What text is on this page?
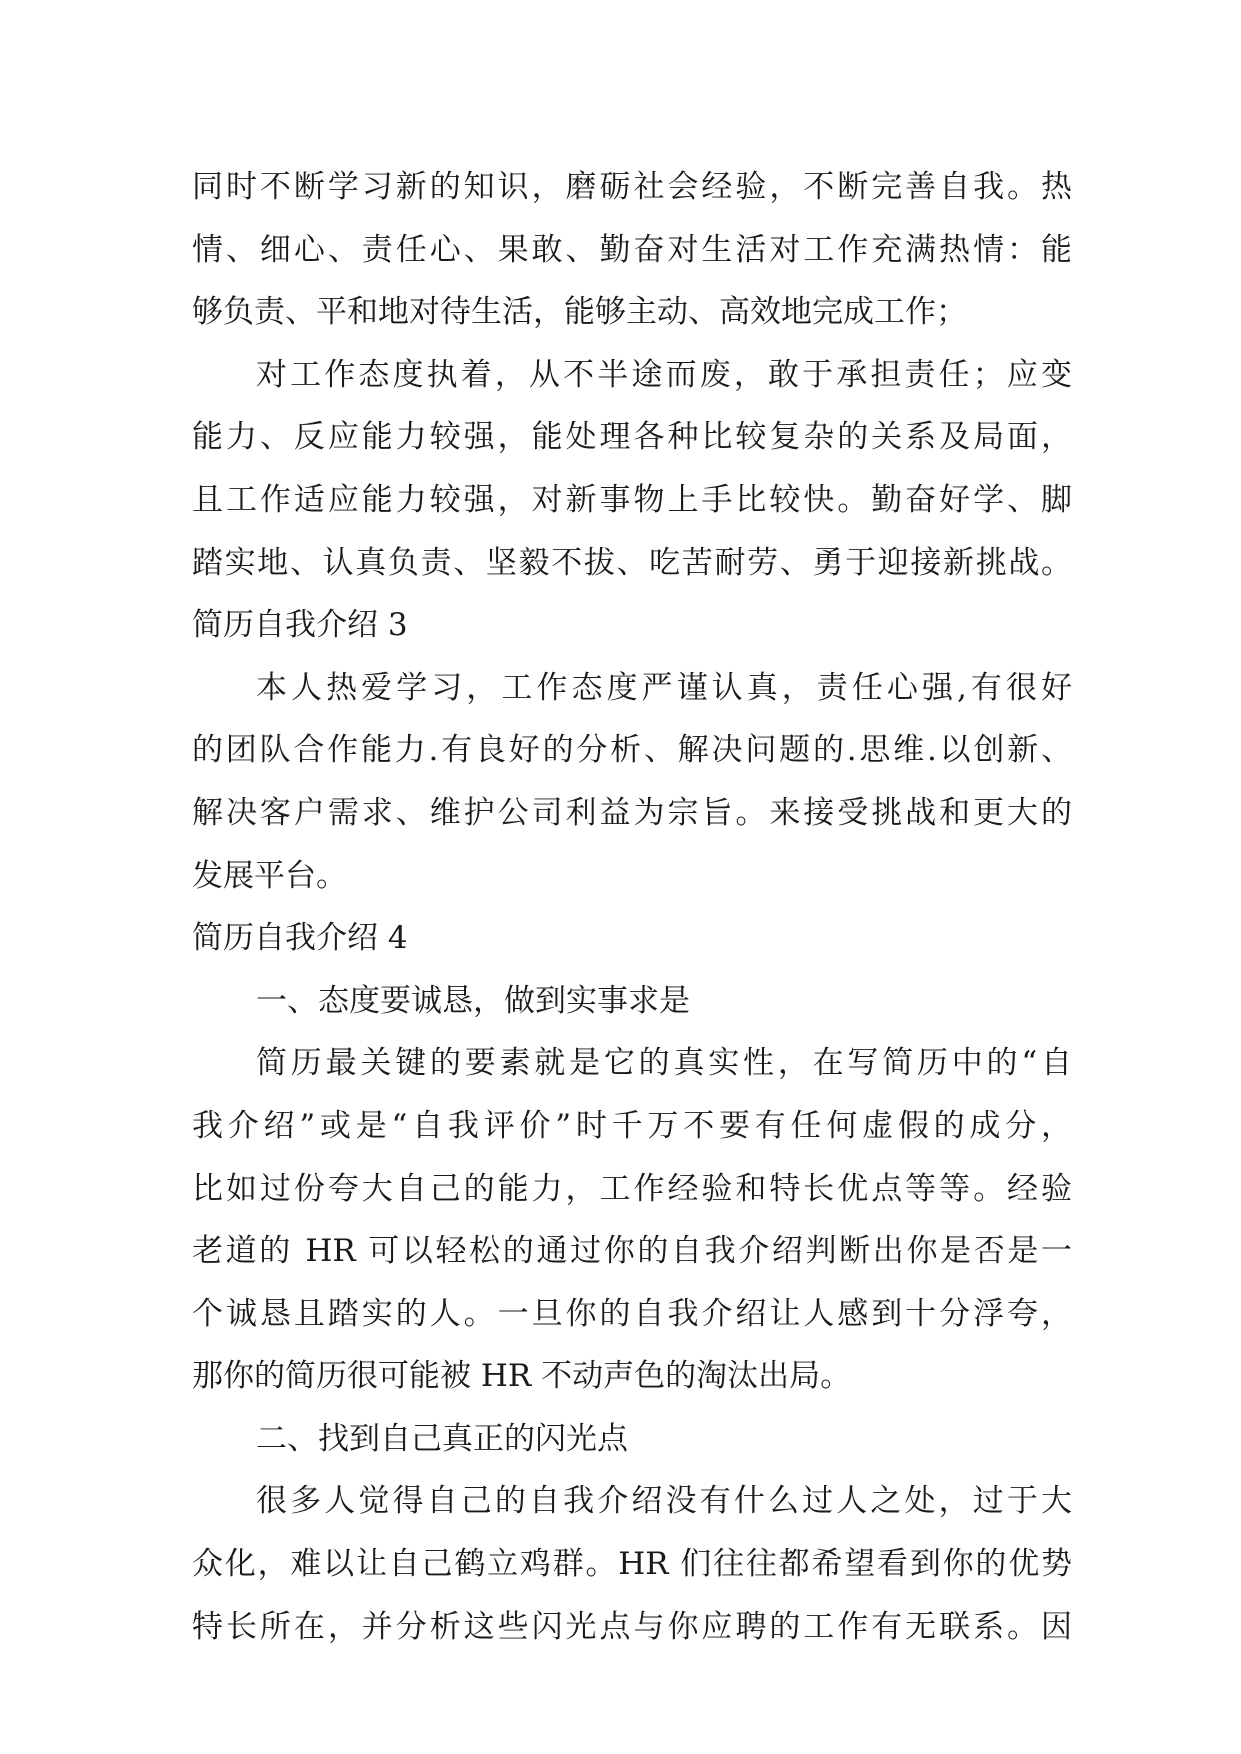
同时不断学习新的知识，磨砺社会经验，不断完善自我。热
情、细心、责任心、果敢、勤奋对生活对工作充满热情：能
够负责、平和地对待生活，能够主动、高效地完成工作；
对工作态度执着，从不半途而废，敢于承担责任；应变
能力、反应能力较强，能处理各种比较复杂的关系及局面，
且工作适应能力较强，对新事物上手比较快。勤奋好学、脚
踏实地、认真负责、坚毅不拔、吃苦耐劳、勇于迎接新挑战。
简历自我介绍 3
本人热爱学习，工作态度严谨认真，责任心强,有很好
的团队合作能力.有良好的分析、解决问题的.思维.以创新、
解决客户需求、维护公司利益为宗旨。来接受挑战和更大的
发展平台。
简历自我介绍 4
一、态度要诚恳，做到实事求是
简历最关键的要素就是它的真实性，在写简历中的“自
我介绍”或是“自我评价”时千万不要有任何虚假的成分，
比如过份夸大自己的能力，工作经验和特长优点等等。经验
老道的 HR 可以轻松的通过你的自我介绍判断出你是否是一
个诚恳且踏实的人。一旦你的自我介绍让人感到十分浮夸，
那你的简历很可能被 HR 不动声色的淘汰出局。
二、找到自己真正的闪光点
很多人觉得自己的自我介绍没有什么过人之处，过于大
众化，难以让自己鹤立鸡群。HR 们往往都希望看到你的优势
特长所在，并分析这些闪光点与你应聘的工作有无联系。因
